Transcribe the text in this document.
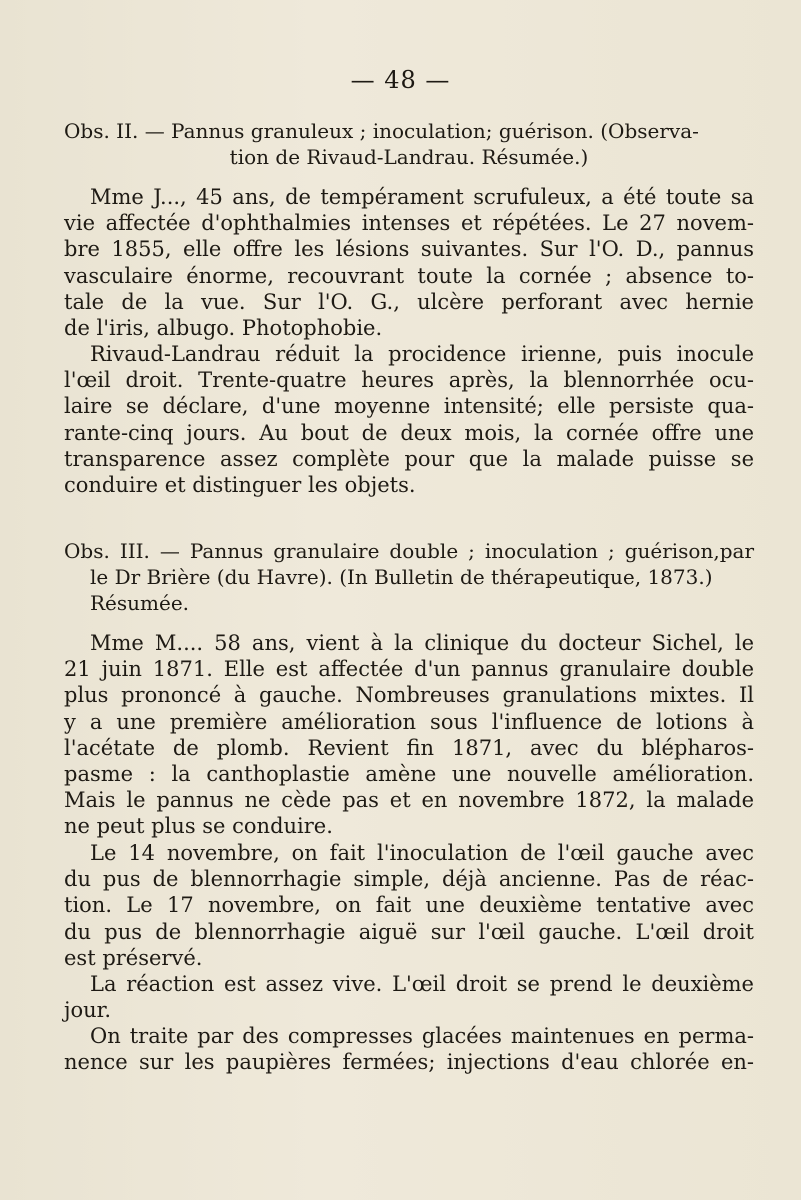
— 48 —
Obs. II. — Pannus granuleux ; inoculation; guérison. (Observa-
tion de Rivaud-Landrau. Résumée.)
Mme J..., 45 ans, de tempérament scrufuleux, a été toute sa
vie affectée d'ophthalmies intenses et répétées. Le 27 novem-
bre 1855, elle offre les lésions suivantes. Sur l'O. D., pannus
vasculaire énorme, recouvrant toute la cornée ; absence to-
tale de la vue. Sur l'O. G., ulcère perforant avec hernie
de l'iris, albugo. Photophobie.
Rivaud-Landrau réduit la procidence irienne, puis inocule
l'œil droit. Trente-quatre heures après, la blennorrhée ocu-
laire se déclare, d'une moyenne intensité; elle persiste qua-
rante-cinq jours. Au bout de deux mois, la cornée offre une
transparence assez complète pour que la malade puisse se
conduire et distinguer les objets.
Obs. III. — Pannus granulaire double ; inoculation ; guérison,par
le Dr Brière (du Havre). (In Bulletin de thérapeutique, 1873.)
Résumée.
Mme M.... 58 ans, vient à la clinique du docteur Sichel, le
21 juin 1871. Elle est affectée d'un pannus granulaire double
plus prononcé à gauche. Nombreuses granulations mixtes. Il
y a une première amélioration sous l'influence de lotions à
l'acétate de plomb. Revient fin 1871, avec du blépharos-
pasme : la canthoplastie amène une nouvelle amélioration.
Mais le pannus ne cède pas et en novembre 1872, la malade
ne peut plus se conduire.
Le 14 novembre, on fait l'inoculation de l'œil gauche avec
du pus de blennorrhagie simple, déjà ancienne. Pas de réac-
tion. Le 17 novembre, on fait une deuxième tentative avec
du pus de blennorrhagie aiguë sur l'œil gauche. L'œil droit
est préservé.
La réaction est assez vive. L'œil droit se prend le deuxième
jour.
On traite par des compresses glacées maintenues en perma-
nence sur les paupières fermées; injections d'eau chlorée en-
